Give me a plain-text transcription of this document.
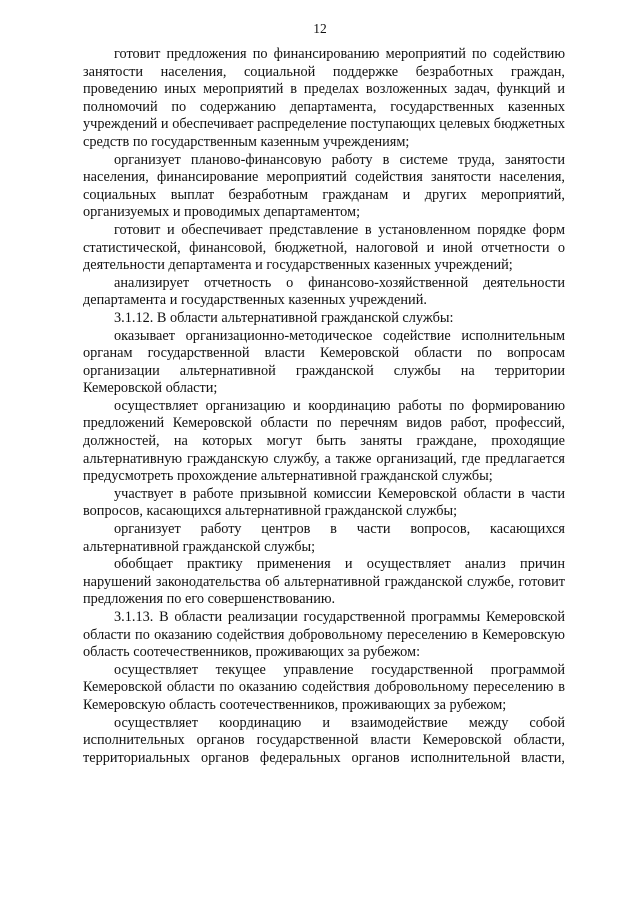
12

готовит предложения по финансированию мероприятий по содействию занятости населения, социальной поддержке безработных граждан, проведению иных мероприятий в пределах возложенных задач, функций и полномочий по содержанию департамента, государственных казенных учреждений и обеспечивает распределение поступающих целевых бюджетных средств по государственным казенным учреждениям;

организует планово-финансовую работу в системе труда, занятости населения, финансирование мероприятий содействия занятости населения, социальных выплат безработным гражданам и других мероприятий, организуемых и проводимых департаментом;

готовит и обеспечивает представление в установленном порядке форм статистической, финансовой, бюджетной, налоговой и иной отчетности о деятельности департамента и государственных казенных учреждений;

анализирует отчетность о финансово-хозяйственной деятельности департамента и государственных казенных учреждений.

3.1.12. В области альтернативной гражданской службы:

оказывает организационно-методическое содействие исполнительным органам государственной власти Кемеровской области по вопросам организации альтернативной гражданской службы на территории Кемеровской области;

осуществляет организацию и координацию работы по формированию предложений Кемеровской области по перечням видов работ, профессий, должностей, на которых могут быть заняты граждане, проходящие альтернативную гражданскую службу, а также организаций, где предлагается предусмотреть прохождение альтернативной гражданской службы;

участвует в работе призывной комиссии Кемеровской области в части вопросов, касающихся альтернативной гражданской службы;

организует работу центров в части вопросов, касающихся альтернативной гражданской службы;

обобщает практику применения и осуществляет анализ причин нарушений законодательства об альтернативной гражданской службе, готовит предложения по его совершенствованию.

3.1.13. В области реализации государственной программы Кемеровской области по оказанию содействия добровольному переселению в Кемеровскую область соотечественников, проживающих за рубежом:

осуществляет текущее управление государственной программой Кемеровской области по оказанию содействия добровольному переселению в Кемеровскую область соотечественников, проживающих за рубежом;

осуществляет координацию и взаимодействие между собой исполнительных органов государственной власти Кемеровской области, территориальных органов федеральных органов исполнительной власти,
